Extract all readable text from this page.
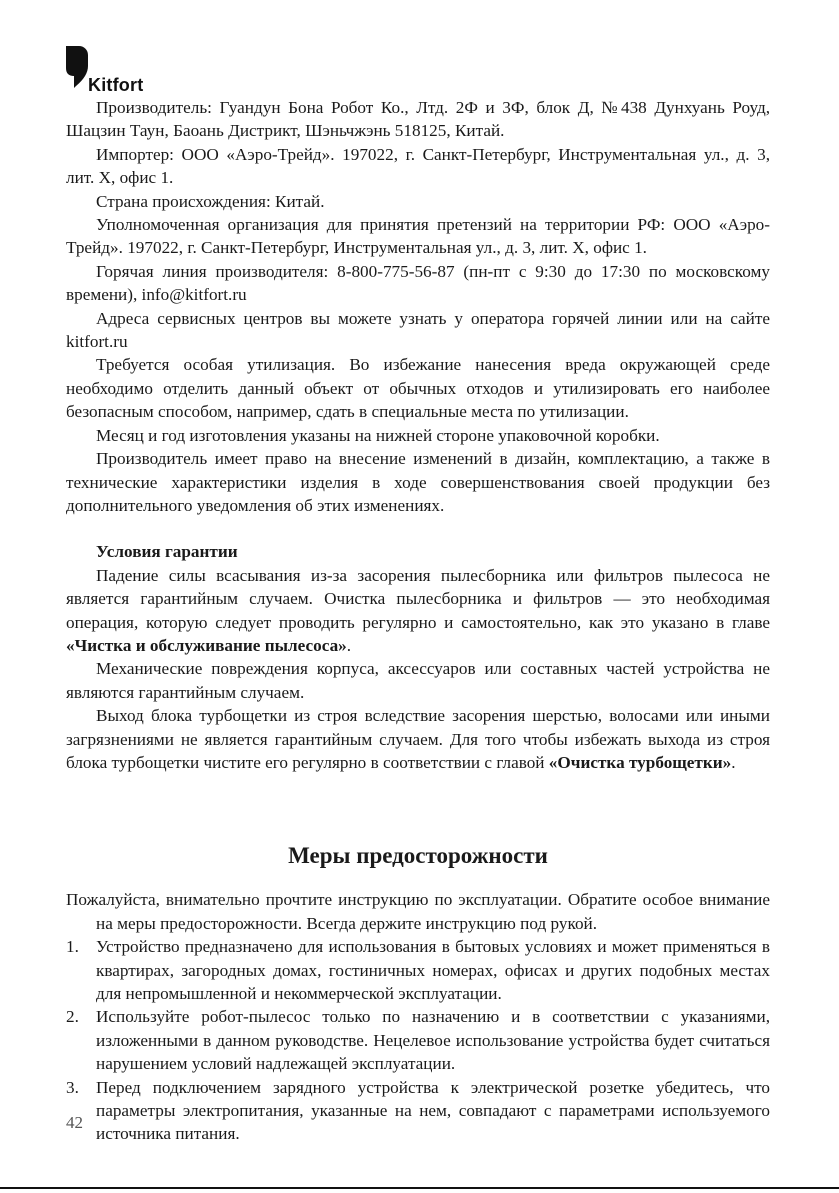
Kitfort

Производитель: Гуандун Бона Робот Ко., Лтд. 2Ф и 3Ф, блок Д, №438 Дунхуань Роуд, Шацзин Таун, Баоань Дистрикт, Шэньчжэнь 518125, Китай.

Импортер: ООО «Аэро-Трейд». 197022, г. Санкт-Петербург, Инструментальная ул., д. 3, лит. Х, офис 1.

Страна происхождения: Китай.

Уполномоченная организация для принятия претензий на территории РФ: ООО «Аэро-Трейд». 197022, г. Санкт-Петербург, Инструментальная ул., д. 3, лит. Х, офис 1.

Горячая линия производителя: 8-800-775-56-87 (пн-пт с 9:30 до 17:30 по московскому времени), info@kitfort.ru

Адреса сервисных центров вы можете узнать у оператора горячей линии или на сайте kitfort.ru

Требуется особая утилизация. Во избежание нанесения вреда окружающей среде необходимо отделить данный объект от обычных отходов и утилизировать его наиболее безопасным способом, например, сдать в специальные места по утилизации.

Месяц и год изготовления указаны на нижней стороне упаковочной коробки.

Производитель имеет право на внесение изменений в дизайн, комплектацию, а также в технические характеристики изделия в ходе совершенствования своей продукции без дополнительного уведомления об этих изменениях.

Условия гарантии

Падение силы всасывания из-за засорения пылесборника или фильтров пылесоса не является гарантийным случаем. Очистка пылесборника и фильтров — это необходимая операция, которую следует проводить регулярно и самостоятельно, как это указано в главе «Чистка и обслуживание пылесоса».

Механические повреждения корпуса, аксессуаров или составных частей устройства не являются гарантийным случаем.

Выход блока турбощетки из строя вследствие засорения шерстью, волосами или иными загрязнениями не является гарантийным случаем. Для того чтобы избежать выхода из строя блока турбощетки чистите его регулярно в соответствии с главой «Очистка турбощетки».

Меры предосторожности

Пожалуйста, внимательно прочтите инструкцию по эксплуатации. Обратите особое внимание на меры предосторожности. Всегда держите инструкцию под рукой.

1. Устройство предназначено для использования в бытовых условиях и может применяться в квартирах, загородных домах, гостиничных номерах, офисах и других подобных местах для непромышленной и некоммерческой эксплуатации.
2. Используйте робот-пылесос только по назначению и в соответствии с указаниями, изложенными в данном руководстве. Нецелевое использование устройства будет считаться нарушением условий надлежащей эксплуатации.
3. Перед подключением зарядного устройства к электрической розетке убедитесь, что параметры электропитания, указанные на нем, совпадают с параметрами используемого источника питания.
42
